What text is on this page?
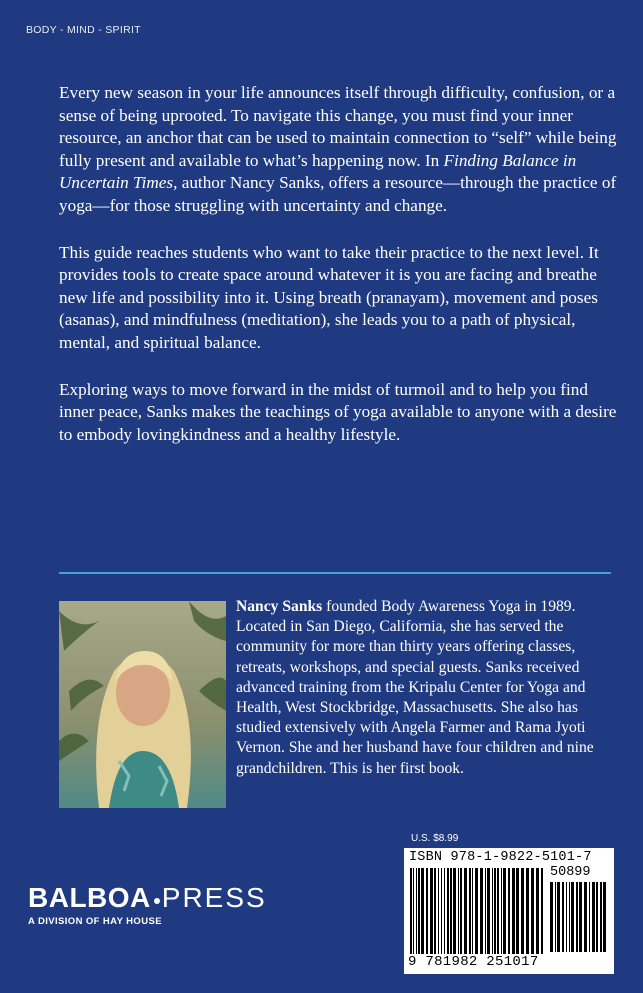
BODY - MIND - SPIRIT

Every new season in your life announces itself through difficulty, confusion, or a sense of being uprooted. To navigate this change, you must find your inner resource, an anchor that can be used to maintain connection to “self” while being fully present and available to what’s happening now. In Finding Balance in Uncertain Times, author Nancy Sanks, offers a resource—through the practice of yoga—for those struggling with uncertainty and change.

This guide reaches students who want to take their practice to the next level. It provides tools to create space around whatever it is you are facing and breathe new life and possibility into it. Using breath (pranayam), movement and poses (asanas), and mindfulness (meditation), she leads you to a path of physical, mental, and spiritual balance.

Exploring ways to move forward in the midst of turmoil and to help you find inner peace, Sanks makes the teachings of yoga available to anyone with a desire to embody lovingkindness and a healthy lifestyle.

Nancy Sanks founded Body Awareness Yoga in 1989. Located in San Diego, California, she has served the community for more than thirty years offering classes, retreats, workshops, and special guests. Sanks received advanced training from the Kripalu Center for Yoga and Health, West Stockbridge, Massachusetts. She also has studied extensively with Angela Farmer and Rama Jyoti Vernon. She and her husband have four children and nine grandchildren. This is her first book.
U.S. $8.99
ISBN 978-1-9822-5101-7
50899
9 781982 251017
BALBOA PRESS
A DIVISION OF HAY HOUSE
